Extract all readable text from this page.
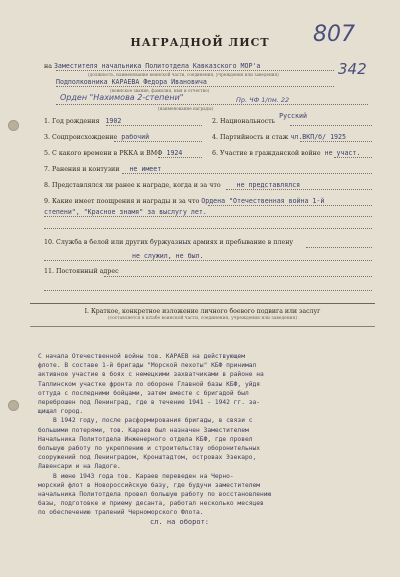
807
342
НАГРАДНОЙ ЛИСТ
на Заместителя начальника Политотдела Кавказского МОР'а
(должность, наименование воинской части, соединения, учреждения или заведения)
Подполковника КАРАЕВА Федора Ивановича
(воинское звание, фамилия, имя и отчество)
Орден "Нахимова 2-степени"	Пр. ЧФ 1/пм. 22
(наименование награды)
1. Год рождения 1902	2. Национальность  Русский
3. Соцпроисхождение рабочий	4. Партийность и стаж чл.ВКП/б/ 1925
5. С какого времени в РККА и ВМФ 1924	6. Участие в гражданской войне не участ.
7. Ранения и контузии не имеет
8. Представлялся ли ранее к награде, когда и за что не представлялся
9. Какие имеет поощрения и награды и за что Ордена "Отечественная война 1-й
степени", "Красное знамя" за выслугу лет.
10. Служба в белой или других буржуазных армиях и пребывание в плену
не служил, не был.
11. Постоянный адрес
I. Краткое, конкретное изложение личного боевого подвига или заслуг
(составляется в штабе воинской части, соединения, учреждения или заведения)
С начала Отечественной войны тов. КАРАЕВ на действующем
флоте. В составе 1-й бригады "Морской пехоты" КБФ принимал
активное участие в боях с немецкими захватчиками в районе на
Таллинском участке фронта по обороне Главной базы КБФ, уйдя
оттуда с последними бойцами, затем вместе с бригадой был
переброшен под Ленинград, где в течение 1941 - 1942 гг. за-
щищал город.
В 1942 году, после расформирования бригады, в связи с
большими потерями, тов. Караев был назначен Заместителем
Начальника Политотдела Инженерного отдела КБФ, где провел
большую работу по укреплению и строительству оборонительных
сооружений под Ленинградом, Кронштадтом, островах Эзекаро,
Лавенсари и на Ладоге.
В июне 1943 года тов. Караев переведен на Черно-
морский флот в Новороссийскую базу, где будучи заместителем
начальника Политотдела провел большую работу по восстановлению
базы, подготовке и приему десанта, работал несколько месяцев
по обеспечению тралений Черноморского Флота.
сл. на оборот:
